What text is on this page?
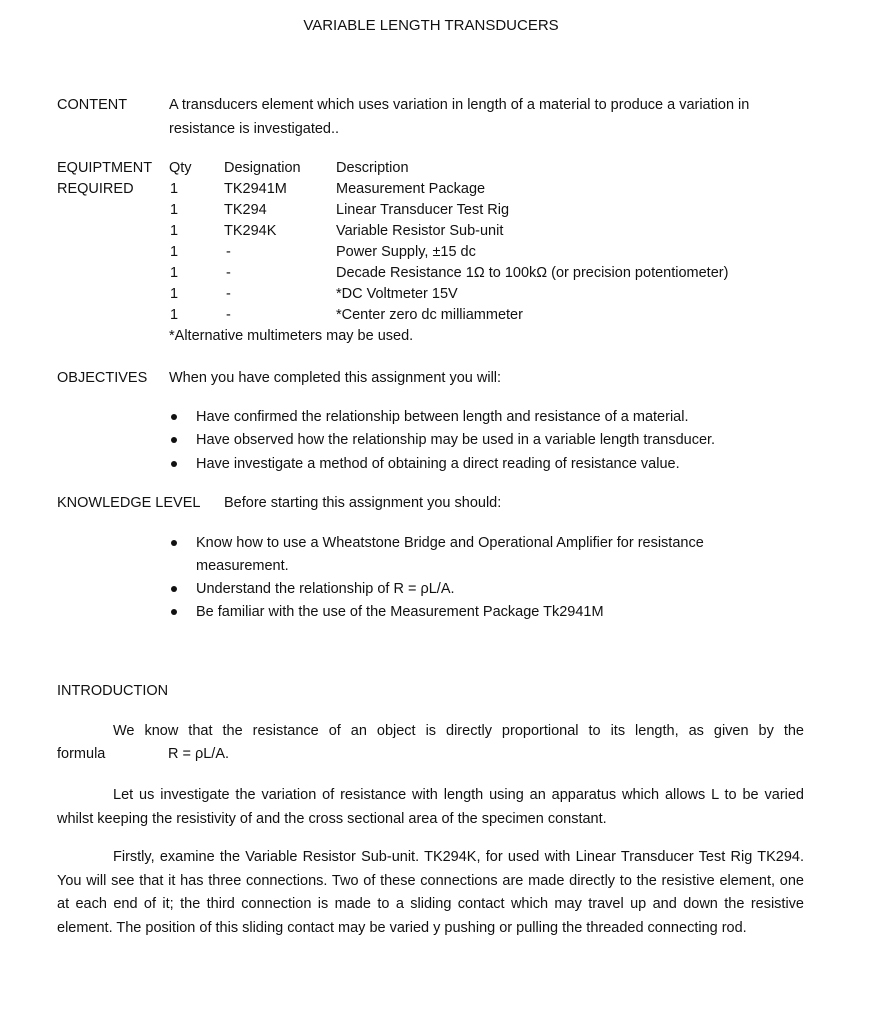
VARIABLE LENGTH TRANSDUCERS
CONTENT	A transducers element which uses variation in length of a material to produce a variation in
resistance is investigated..
EQUIPTMENT
REQUIRED
Qty Designation Description
1	TK2941M	Measurement Package
1	TK294	Linear Transducer Test Rig
1	TK294K	Variable Resistor Sub-unit
1	-	Power Supply, ±15 dc
1	-	Decade Resistance 1Ω to 100kΩ (or precision potentiometer)
1	-	*DC Voltmeter 15V
1	-	*Center zero dc milliammeter
*Alternative multimeters may be used.
OBJECTIVES When you have completed this assignment you will:
Have confirmed the relationship between length and resistance of a material.
Have observed how the relationship may be used in a variable length transducer.
Have investigate a method of obtaining a direct reading of resistance value.
KNOWLEDGE LEVEL Before starting this assignment you should:
Know how to use a Wheatstone Bridge and Operational Amplifier for resistance
measurement.
Understand the relationship of R = ρL/A.
Be familiar with the use of the Measurement Package Tk2941M
INTRODUCTION
We know that the resistance of an object is directly proportional to its length, as given by the
formula	R = ρL/A.
Let us investigate the variation of resistance with length using an apparatus which allows L to be varied whilst keeping the resistivity of and the cross sectional area of the specimen constant.
Firstly, examine the Variable Resistor Sub-unit. TK294K, for used with Linear Transducer Test Rig TK294. You will see that it has three connections. Two of these connections are made directly to the resistive element, one at each end of it; the third connection is made to a sliding contact which may travel up and down the resistive element. The position of this sliding contact may be varied y pushing or pulling the threaded connecting rod.
